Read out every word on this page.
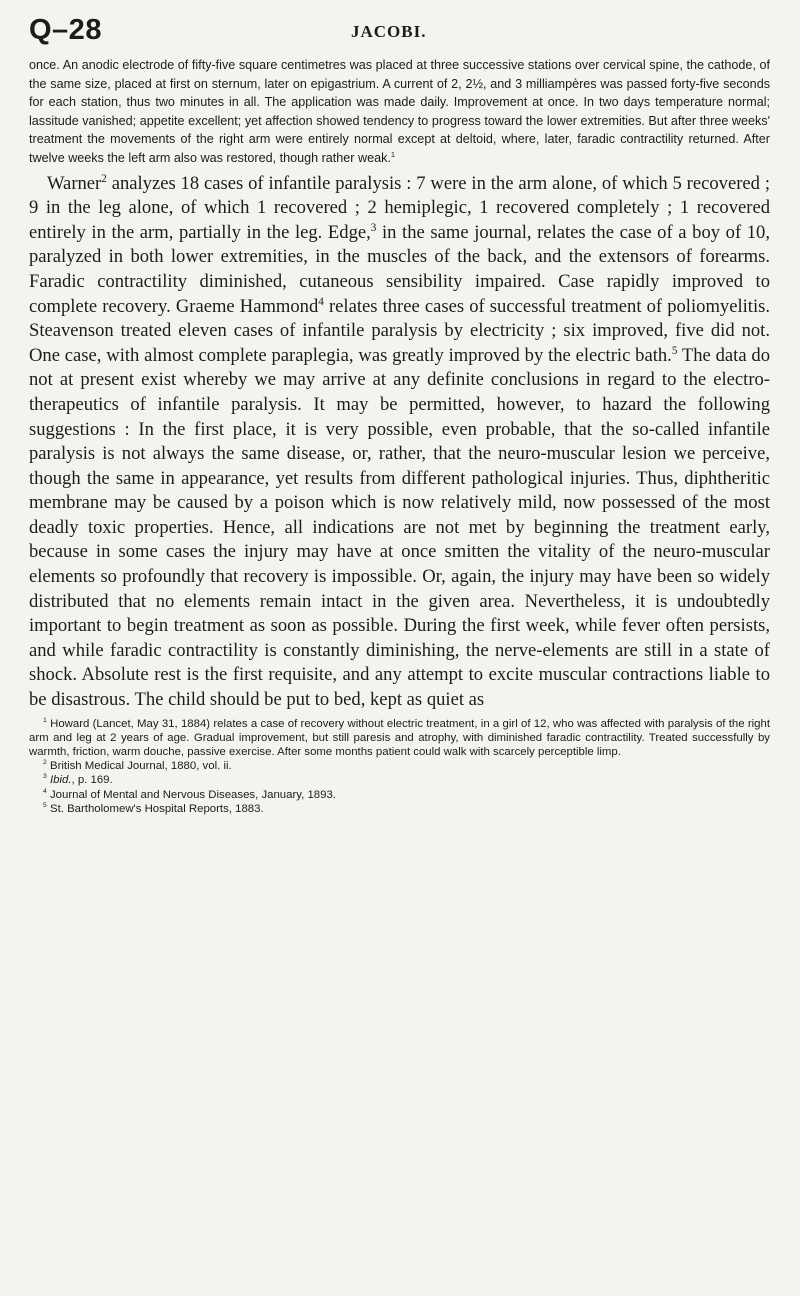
Q–28	JACOBI.

once. An anodic electrode of fifty-five square centimetres was placed at three successive stations over cervical spine, the cathode, of the same size, placed at first on sternum, later on epigastrium. A current of 2, 2½, and 3 milliampères was passed forty-five seconds for each station, thus two minutes in all. The application was made daily. Improvement at once. In two days temperature normal; lassitude vanished; appetite excellent; yet affection showed tendency to progress toward the lower extremities. But after three weeks' treatment the movements of the right arm were entirely normal except at deltoid, where, later, faradic contractility returned. After twelve weeks the left arm also was restored, though rather weak.$^1$

Warner$^2$ analyzes 18 cases of infantile paralysis : 7 were in the arm alone, of which 5 recovered ; 9 in the leg alone, of which 1 recovered ; 2 hemiplegic, 1 recovered completely ; 1 recovered entirely in the arm, partially in the leg. Edge,$^3$ in the same journal, relates the case of a boy of 10, paralyzed in both lower extremities, in the muscles of the back, and the extensors of forearms. Faradic contractility diminished, cutaneous sensibility impaired. Case rapidly improved to complete recovery. Graeme Hammond$^4$ relates three cases of successful treatment of poliomyelitis. Steavenson treated eleven cases of infantile paralysis by electricity ; six improved, five did not. One case, with almost complete paraplegia, was greatly improved by the electric bath.$^5$ The data do not at present exist whereby we may arrive at any definite conclusions in regard to the electro-therapeutics of infantile paralysis. It may be permitted, however, to hazard the following suggestions : In the first place, it is very possible, even probable, that the so-called infantile paralysis is not always the same disease, or, rather, that the neuro-muscular lesion we perceive, though the same in appearance, yet results from different pathological injuries. Thus, diphtheritic membrane may be caused by a poison which is now relatively mild, now possessed of the most deadly toxic properties. Hence, all indications are not met by beginning the treatment early, because in some cases the injury may have at once smitten the vitality of the neuro-muscular elements so profoundly that recovery is impossible. Or, again, the injury may have been so widely distributed that no elements remain intact in the given area. Nevertheless, it is undoubtedly important to begin treatment as soon as possible. During the first week, while fever often persists, and while faradic contractility is constantly diminishing, the nerve-elements are still in a state of shock. Absolute rest is the first requisite, and any attempt to excite muscular contractions liable to be disastrous. The child should be put to bed, kept as quiet as

$^1$ Howard (Lancet, May 31, 1884) relates a case of recovery without electric treatment, in a girl of 12, who was affected with paralysis of the right arm and leg at 2 years of age. Gradual improvement, but still paresis and atrophy, with diminished faradic contractility. Treated successfully by warmth, friction, warm douche, passive exercise. After some months patient could walk with scarcely perceptible limp.

$^2$ British Medical Journal, 1880, vol. ii.

$^3$ Ibid., p. 169.

$^4$ Journal of Mental and Nervous Diseases, January, 1893.

$^5$ St. Bartholomew's Hospital Reports, 1883.
